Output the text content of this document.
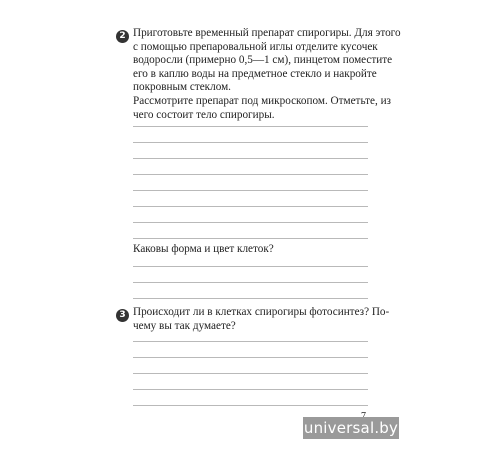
2 Приготовьте временный препарат спирогиры. Для этого
с помощью препаровальной иглы отделите кусочек
водоросли (примерно 0,5—1 см), пинцетом поместите
его в каплю воды на предметное стекло и накройте
покровным стеклом.
Рассмотрите препарат под микроскопом. Отметьте, из
чего состоит тело спирогиры.
Каковы форма и цвет клеток?
3 Происходит ли в клетках спирогиры фотосинтез? По-
чему вы так думаете?
universal.by
